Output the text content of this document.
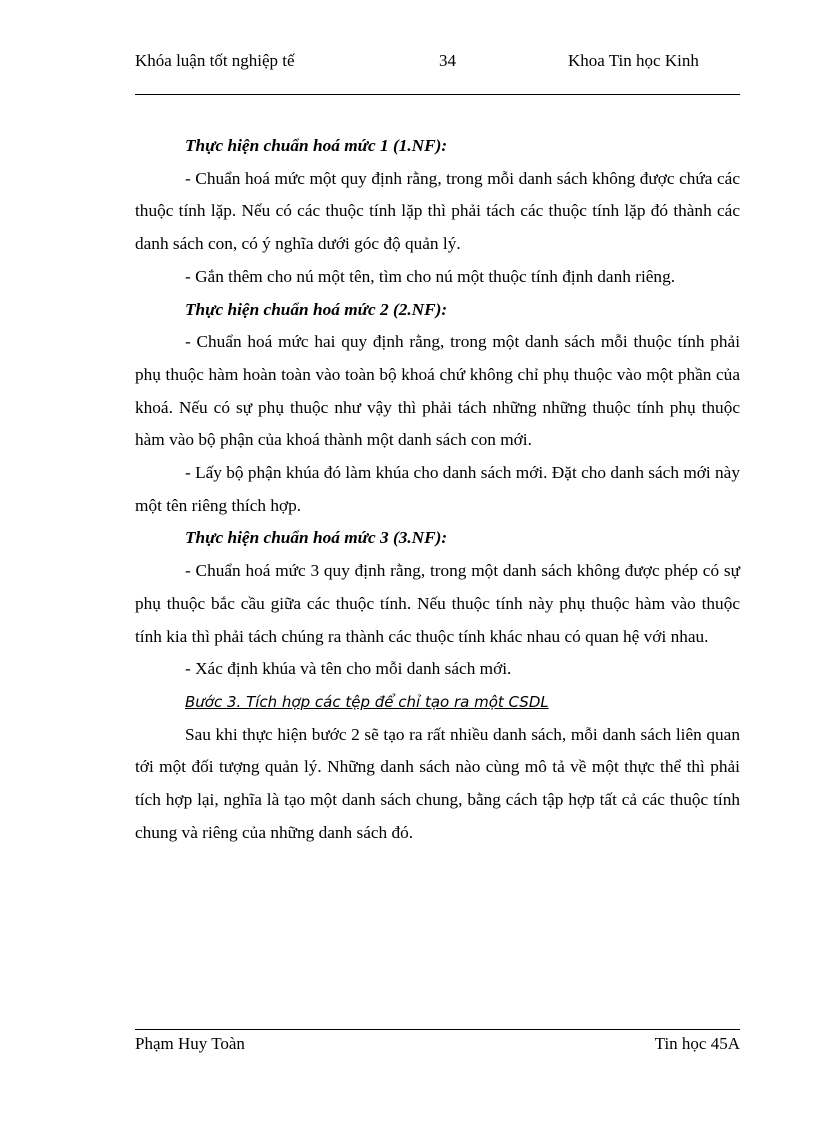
Khóa luận tốt nghiệp tế	34	Khoa Tin học Kinh

Thực hiện chuẩn hoá mức 1 (1.NF):

- Chuẩn hoá mức một quy định rằng, trong mỗi danh sách không được chứa các thuộc tính lặp. Nếu có các thuộc tính lặp thì phải tách các thuộc tính lặp đó thành các danh sách con, có ý nghĩa dưới góc độ quản lý.

- Gắn thêm cho nú một tên, tìm cho nú một thuộc tính định danh riêng.

Thực hiện chuẩn hoá mức 2 (2.NF):

- Chuẩn hoá mức hai quy định rằng, trong một danh sách mỗi thuộc tính phải phụ thuộc hàm hoàn toàn vào toàn bộ khoá chứ không chỉ phụ thuộc vào một phần của khoá. Nếu có sự phụ thuộc như vậy thì phải tách những những thuộc tính phụ thuộc hàm vào bộ phận của khoá thành một danh sách con mới.

- Lấy bộ phận khúa đó làm khúa cho danh sách mới. Đặt cho danh sách mới này một tên riêng thích hợp.

Thực hiện chuẩn hoá mức 3 (3.NF):

- Chuẩn hoá mức 3 quy định rằng, trong một danh sách không được phép có sự phụ thuộc bắc cầu giữa các thuộc tính. Nếu thuộc tính này phụ thuộc hàm vào thuộc tính kia thì phải tách chúng ra thành các thuộc tính khác nhau có quan hệ với nhau.

- Xác định khúa và tên cho mỗi danh sách mới.

Bước 3. Tích hợp các tệp để chỉ tạo ra một CSDL

Sau khi thực hiện bước 2 sẽ tạo ra rất nhiều danh sách, mỗi danh sách liên quan tới một đối tượng quản lý. Những danh sách nào cùng mô tả về một thực thể thì phải tích hợp lại, nghĩa là tạo một danh sách chung, bằng cách tập hợp tất cả các thuộc tính chung và riêng của những danh sách đó.

Phạm Huy Toàn	Tin học 45A
